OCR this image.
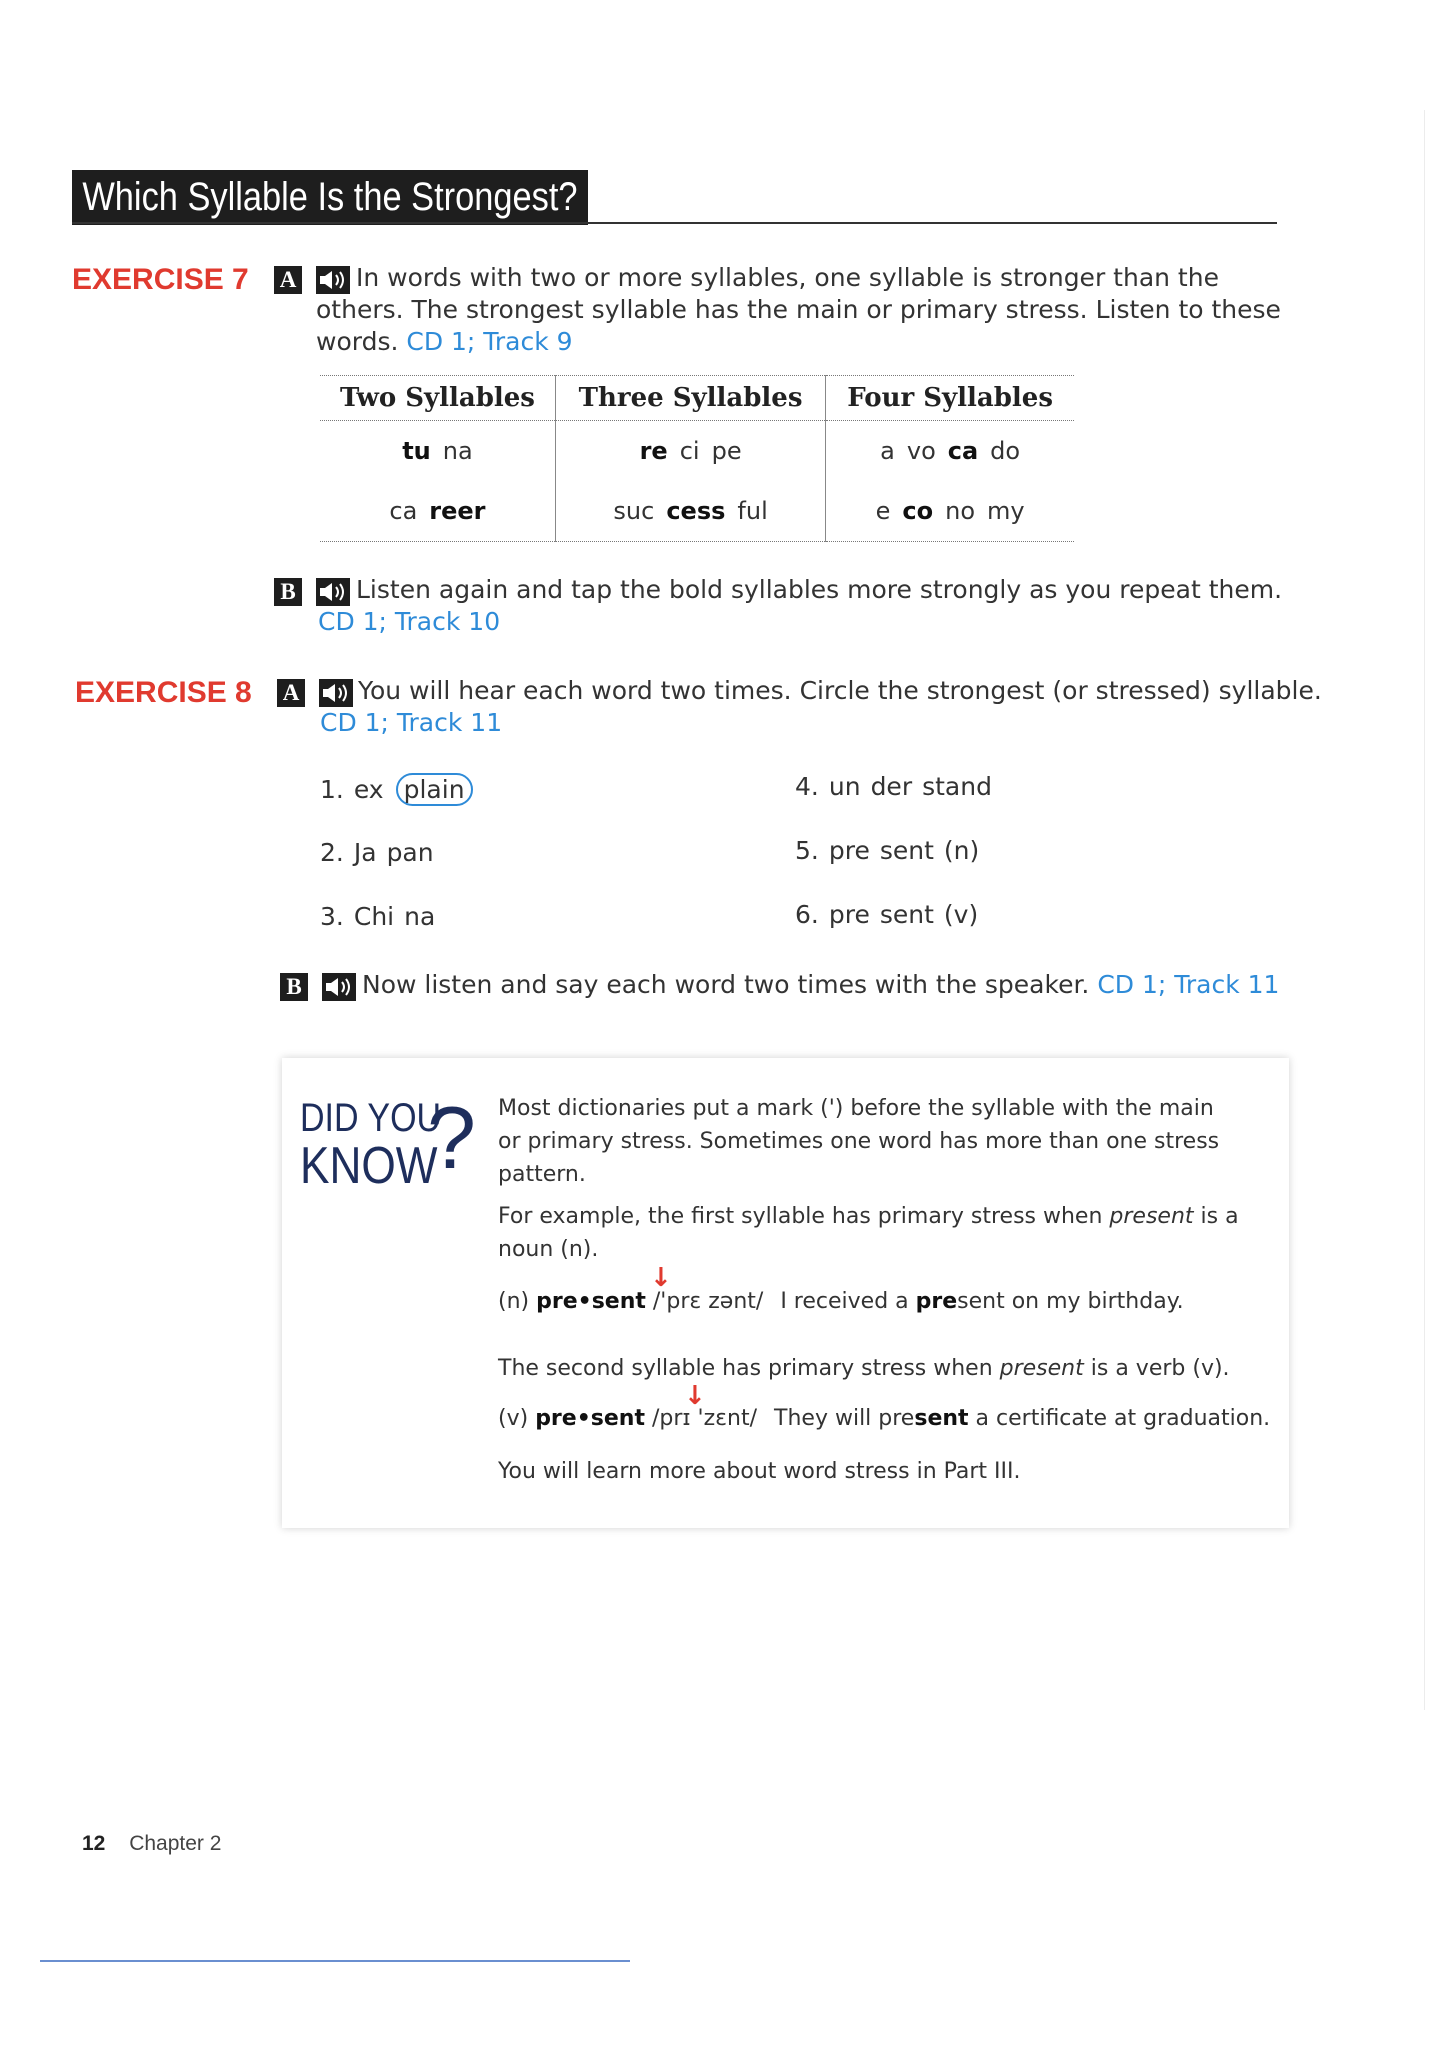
Which Syllable Is the Strongest?
EXERCISE 7 A In words with two or more syllables, one syllable is stronger than the
others. The strongest syllable has the main or primary stress. Listen to these
words. CD 1; Track 9
Two Syllables	Three Syllables	Four Syllables
tu na	re ci pe	a vo ca do
ca reer	suc cess ful	e co no my
B Listen again and tap the bold syllables more strongly as you repeat them.
CD 1; Track 10
EXERCISE 8 A You will hear each word two times. Circle the strongest (or stressed) syllable.
CD 1; Track 11
1. ex plain
2. Ja pan
3. Chi na
4. un der stand
5. pre sent (n)
6. pre sent (v)
B Now listen and say each word two times with the speaker. CD 1; Track 11
DID YOU
KNOW
? Most dictionaries put a mark (') before the syllable with the main
or primary stress. Sometimes one word has more than one stress
pattern.
For example, the first syllable has primary stress when present is a
noun (n).
↓
(n) pre•sent /'prɛ zənt/ I received a present on my birthday.
The second syllable has primary stress when present is a verb (v).
↓
(v) pre•sent /prɪ 'zɛnt/ They will present a certificate at graduation.
You will learn more about word stress in Part III.
12 Chapter 2
